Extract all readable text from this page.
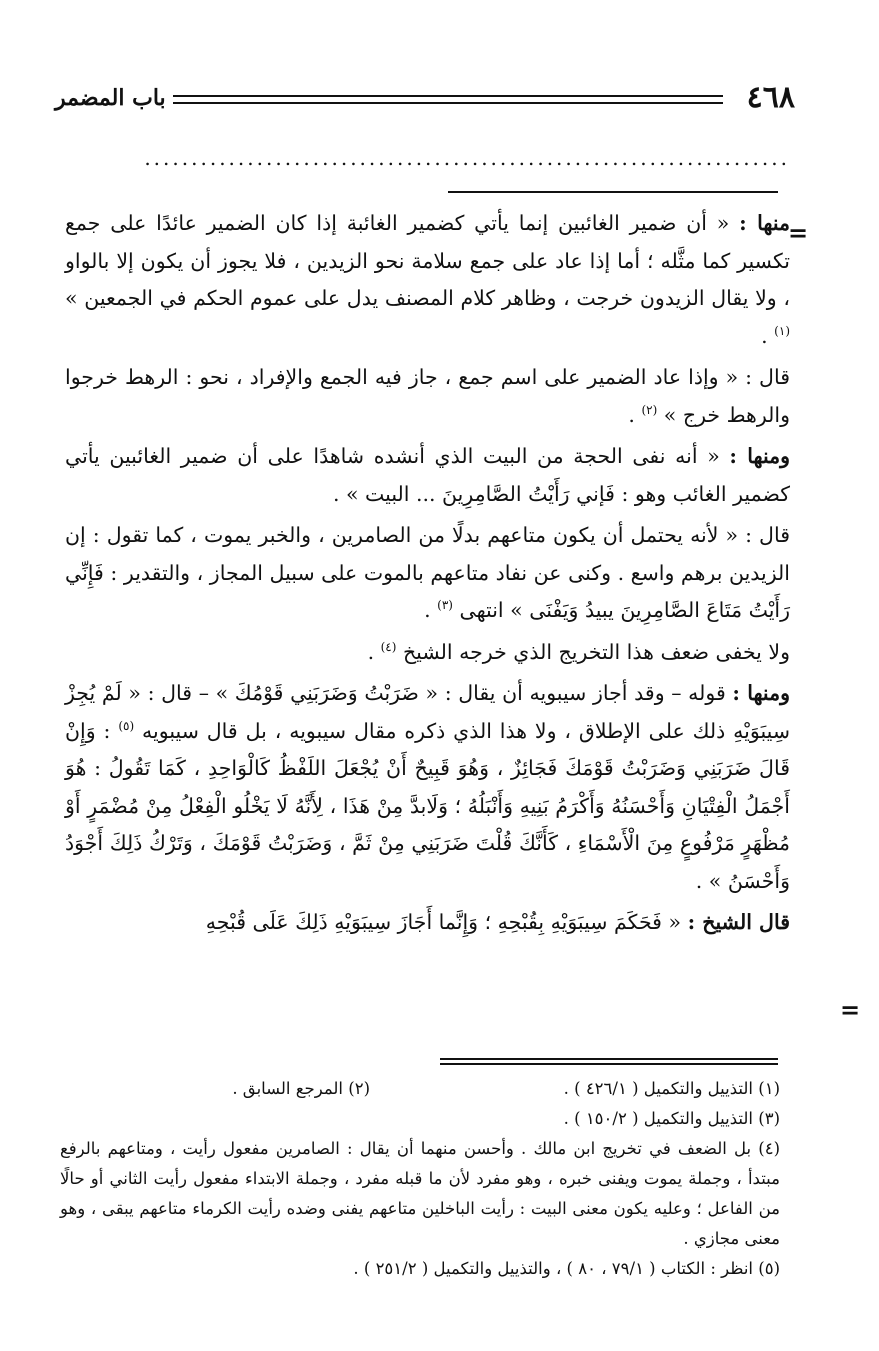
٤٦٨
باب المضمر
.....................................................................
=
=

منها : « أن ضمير الغائبين إنما يأتي كضمير الغائبة إذا كان الضمير عائدًا على جمع تكسير كما مثَّله ؛ أما إذا عاد على جمع سلامة نحو الزيدين ، فلا يجوز أن يكون إلا بالواو ، ولا يقال الزيدون خرجت ، وظاهر كلام المصنف يدل على عموم الحكم في الجمعين » $^{(١)}$ .

قال : « وإذا عاد الضمير على اسم جمع ، جاز فيه الجمع والإفراد ، نحو : الرهط خرجوا والرهط خرج » $^{(٢)}$ .

ومنها : « أنه نفى الحجة من البيت الذي أنشده شاهدًا على أن ضمير الغائبين يأتي كضمير الغائب وهو : فَإني رَأَيْتُ الصَّامِرِينَ ... البيت » .

قال : « لأنه يحتمل أن يكون متاعهم بدلًا من الصامرين ، والخبر يموت ، كما تقول : إن الزيدين برهم واسع . وكنى عن نفاد متاعهم بالموت على سبيل المجاز ، والتقدير : فَإِنِّي رَأَيْتُ مَتَاعَ الصَّامِرِينَ يبيدُ وَيَفْنَى » انتهى $^{(٣)}$ .

ولا يخفى ضعف هذا التخريج الذي خرجه الشيخ $^{(٤)}$ .

ومنها : قوله – وقد أجاز سيبويه أن يقال : « ضَرَبْتُ وَضَرَبَنِي قَوْمُكَ » – قال : « لَمْ يُجِزْ سِيبَوَيْهِ ذلك على الإطلاق ، ولا هذا الذي ذكره مقال سيبويه ، بل قال سيبويه $^{(٥)}$ : وَإِنْ قَالَ ضَرَبَنِي وَضَرَبْتُ قَوْمَكَ فَجَائِزٌ ، وَهُوَ قَبِيحٌ أَنْ يُجْعَلَ اللَفْظُ كَالْوَاحِدِ ، كَمَا تَقُولُ : هُوَ أَجْمَلُ الْفِتْيَانِ وَأَحْسَنُهُ وَأَكْرَمُ بَنِيهِ وَأَنْبَلُهُ ؛ وَلَابدَّ مِنْ هَذَا ، لِأَنَّهُ لَا يَخْلُو الْفِعْلُ مِنْ مُضْمَرٍ أَوْ مُظْهَرٍ مَرْفُوعٍ مِنَ الْأَسْمَاءِ ، كَأَنَّكَ قُلْتَ ضَرَبَنِي مِنْ ثَمَّ ، وَضَرَبْتُ قَوْمَكَ ، وَتَرْكُ ذَلِكَ أَجْوَدُ وَأَحْسَنُ » .

قال الشيخ : « فَحَكَمَ سِيبَوَيْهِ بِقُبْحِهِ ؛ وَإِنَّما أَجَازَ سِيبَوَيْهِ ذَلِكَ عَلَى قُبْحِهِ

(١) التذييل والتكميل ( ٤٢٦/١ ) .
(٢) المرجع السابق .
(٣) التذييل والتكميل ( ١٥٠/٢ ) .
(٤) بل الضعف في تخريج ابن مالك . وأحسن منهما أن يقال : الصامرين مفعول رأيت ، ومتاعهم بالرفع مبتدأ ، وجملة يموت ويفنى خبره ، وهو مفرد لأن ما قبله مفرد ، وجملة الابتداء مفعول رأيت الثاني أو حالًا من الفاعل ؛ وعليه يكون معنى البيت : رأيت الباخلين متاعهم يفنى وضده رأيت الكرماء متاعهم يبقى ، وهو معنى مجازي .
(٥) انظر : الكتاب ( ٧٩/١ ، ٨٠ ) ، والتذييل والتكميل ( ٢٥١/٢ ) .
